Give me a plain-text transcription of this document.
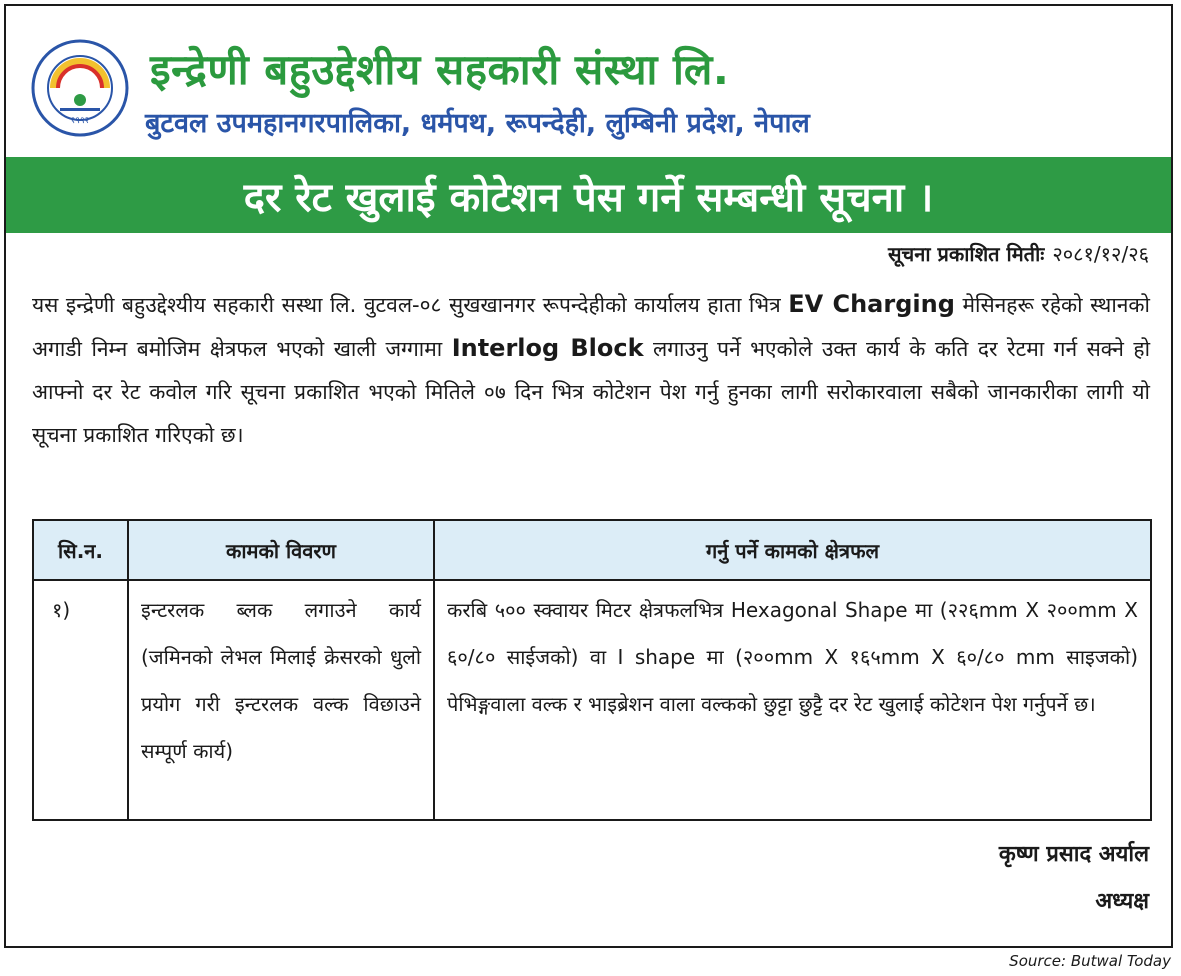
१९९२
इन्द्रेणी बहुउद्देशीय सहकारी संस्था लि.
बुटवल उपमहानगरपालिका, धर्मपथ, रूपन्देही, लुम्बिनी प्रदेश, नेपाल
दर रेट खुलाई कोटेशन पेस गर्ने सम्बन्धी सूचना ।
सूचना प्रकाशित मितीः २०८१/१२/२६
यस इन्द्रेणी बहुउद्देश्यीय सहकारी सस्था लि. वुटवल-०८ सुखखानगर रूपन्देहीको कार्यालय हाता भित्र EV Charging मेसिनहरू रहेको स्थानको अगाडी निम्न बमोजिम क्षेत्रफल भएको खाली जग्गामा Interlog Block लगाउनु पर्ने भएकोले उक्त कार्य के कति दर रेटमा गर्न सक्ने हो आफ्नो दर रेट कवोल गरि सूचना प्रकाशित भएको मितिले ०७ दिन भित्र कोटेशन पेश गर्नु हुनका लागी सरोकारवाला सबैको जानकारीका लागी यो सूचना प्रकाशित गरिएको छ।
सि.न.	कामको विवरण	गर्नु पर्ने कामको क्षेत्रफल
१)	इन्टरलक ब्लक लगाउने कार्य (जमिनको लेभल मिलाई क्रेसरको धुलो प्रयोग गरी इन्टरलक वल्क विछाउने सम्पूर्ण कार्य)	करबि ५०० स्क्वायर मिटर क्षेत्रफलभित्र Hexagonal Shape मा (२२६mm X २००mm X ६०/८० साईजको) वा I shape मा (२००mm X १६५mm X ६०/८० mm साइजको) पेभिङ्गवाला वल्क र भाइब्रेशन वाला वल्कको छुट्टा छुट्टै दर रेट खुलाई कोटेशन पेश गर्नुपर्ने छ।
कृष्ण प्रसाद अर्याल
अध्यक्ष
Source: Butwal Today
